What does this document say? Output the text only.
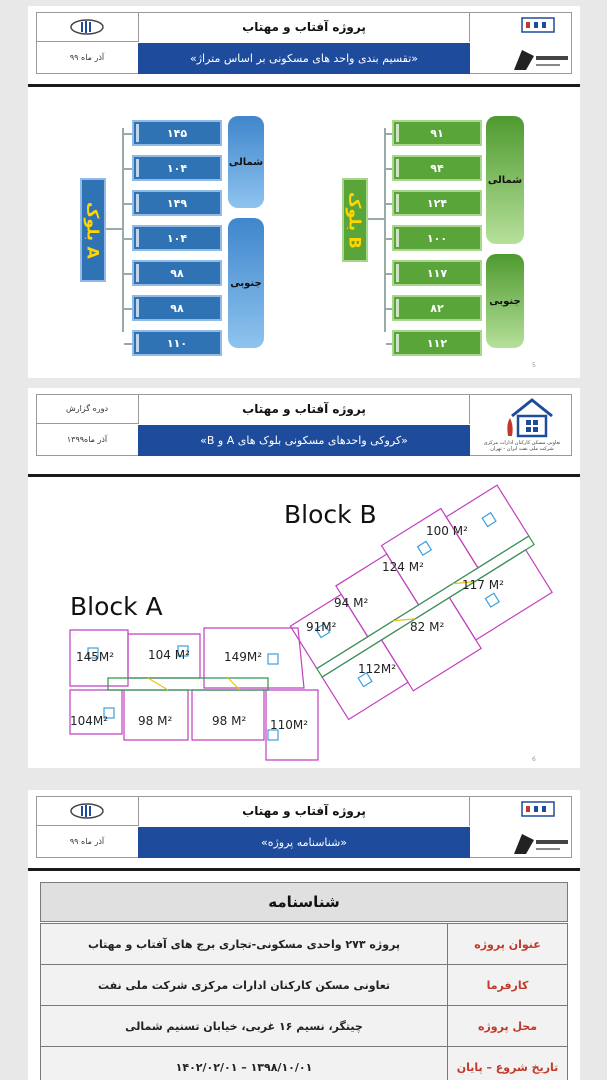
آذر ماه ۹۹
پروژه آفتاب و مهتاب
«تقسیم بندی واحد های مسکونی بر اساس متراژ»
بلوک A
۱۴۵
۱۰۴
۱۴۹
۱۰۴
۹۸
۹۸
۱۱۰
شمالی
جنوبی
بلوک B
۹۱
۹۴
۱۲۴
۱۰۰
۱۱۷
۸۲
۱۱۲
شمالی
جنوبی
5
دوره گزارش
آذر ماه۱۳۹۹
پروژه آفتاب و مهتاب
«کروکی واحدهای مسکونی بلوک های A و B»	تعاونی مسکن کارکنان ادارات مرکزی شرکت ملی نفت ایران - تهران
Block A
Block B
145M²	104 M²	149M²
104M² 98 M²	98 M² 110M²
100 M²
124 M²
117 M²
94 M²
91M²	82 M²
112M²
6
آذر ماه ۹۹
پروژه آفتاب و مهتاب
«شناسنامه پروژه»
شناسنامه
عنوان پروژه	پروژه ۲۷۳ واحدی مسکونی-تجاری برج های آفتاب و مهتاب
کارفرما	تعاونی مسکن کارکنان ادارات مرکزی شرکت ملی نفت
محل پروژه	چیتگر، نسیم ۱۶ غربی، خیابان تسنیم شمالی
تاریخ شروع – پایان	۱۳۹۸/۱۰/۰۱ – ۱۴۰۲/۰۲/۰۱
